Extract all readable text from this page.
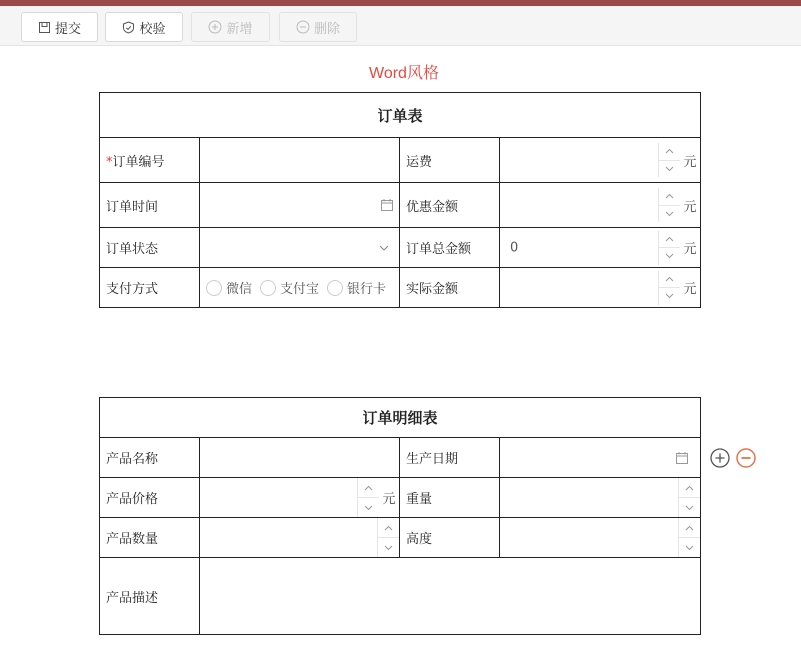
提交	校验	新增	删除
Word风格
订单表			
*订单编号		运费	元

订单时间		优惠金额	元

订单状态		订单总金额	0 元

支付方式	微信 支付宝 银行卡	实际金额	元
订单明细表			
产品名称		生产日期	

产品价格	元	重量	

产品数量		高度	

产品描述			
